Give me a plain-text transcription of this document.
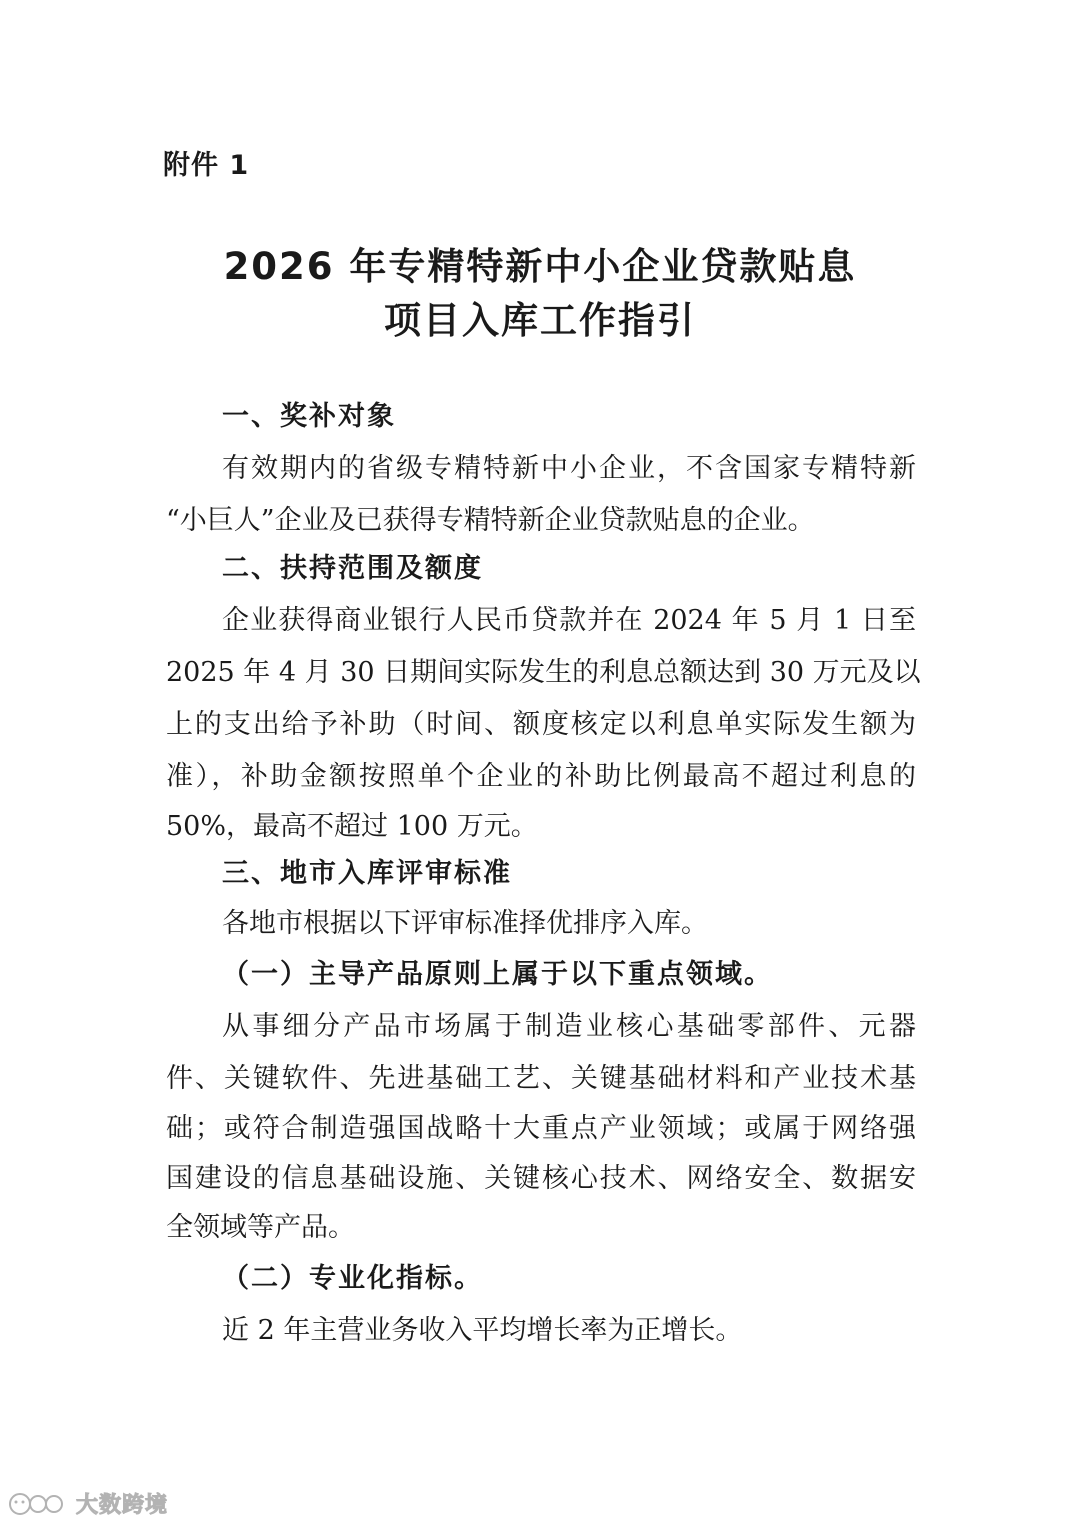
附件 1
2026 年专精特新中小企业贷款贴息
项目入库工作指引
一、奖补对象
有效期内的省级专精特新中小企业，不含国家专精特新
“小巨人”企业及已获得专精特新企业贷款贴息的企业。
二、扶持范围及额度
企业获得商业银行人民币贷款并在 2024 年 5 月 1 日至
2025 年 4 月 30 日期间实际发生的利息总额达到 30 万元及以
上的支出给予补助（时间、额度核定以利息单实际发生额为
准），补助金额按照单个企业的补助比例最高不超过利息的
50%，最高不超过 100 万元。
三、地市入库评审标准
各地市根据以下评审标准择优排序入库。
（一）主导产品原则上属于以下重点领域。
从事细分产品市场属于制造业核心基础零部件、元器
件、关键软件、先进基础工艺、关键基础材料和产业技术基
础；或符合制造强国战略十大重点产业领域；或属于网络强
国建设的信息基础设施、关键核心技术、网络安全、数据安
全领域等产品。
（二）专业化指标。
近 2 年主营业务收入平均增长率为正增长。
大数跨境
